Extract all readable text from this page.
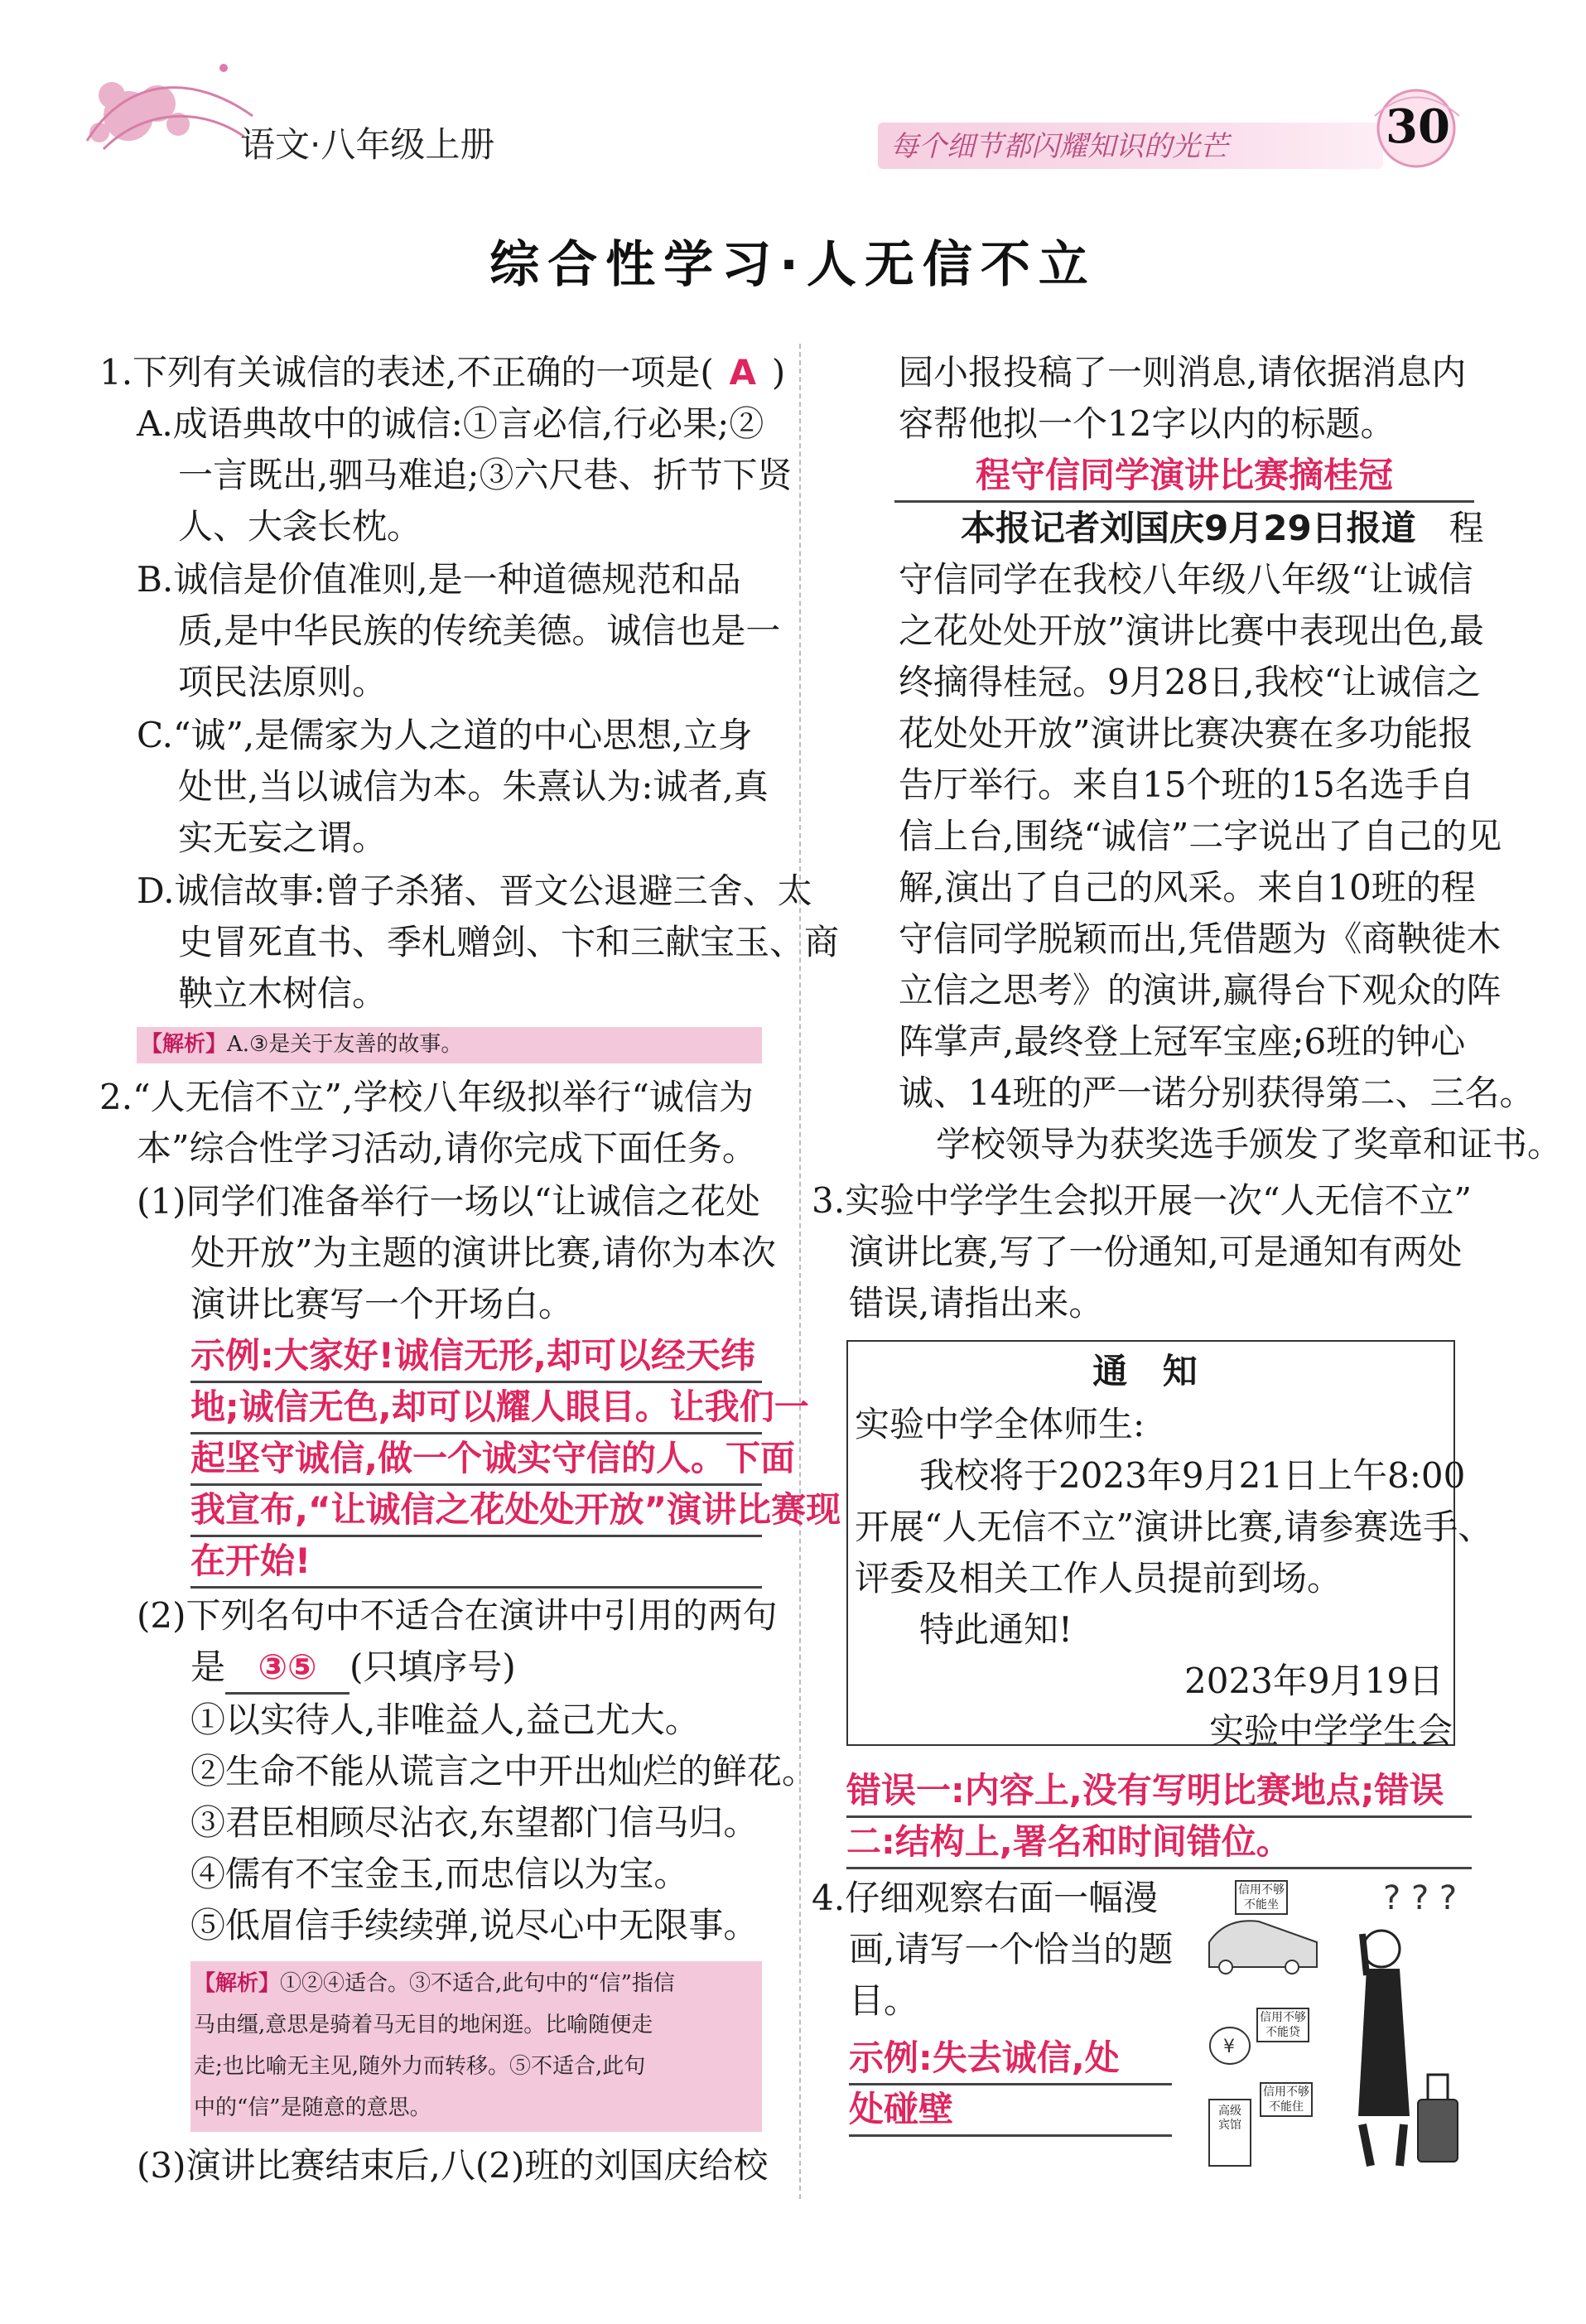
语文·八年级上册	每个细节都闪耀知识的光芒	30
综合性学习·人无信不立
1.下列有关诚信的表述,不正确的一项是( A )
A.成语典故中的诚信:①言必信,行必果;②
一言既出,驷马难追;③六尺巷、折节下贤
人、大衾长枕。
B.诚信是价值准则,是一种道德规范和品
质,是中华民族的传统美德。诚信也是一
项民法原则。
C.“诚”,是儒家为人之道的中心思想,立身
处世,当以诚信为本。朱熹认为:诚者,真
实无妄之谓。
D.诚信故事:曾子杀猪、晋文公退避三舍、太
史冒死直书、季札赠剑、卞和三献宝玉、商
鞅立木树信。
【解析】A.③是关于友善的故事。
2.“人无信不立”,学校八年级拟举行“诚信为
本”综合性学习活动,请你完成下面任务。
(1)同学们准备举行一场以“让诚信之花处
处开放”为主题的演讲比赛,请你为本次
演讲比赛写一个开场白。
示例:大家好!诚信无形,却可以经天纬
地;诚信无色,却可以耀人眼目。让我们一
起坚守诚信,做一个诚实守信的人。下面
我宣布,“让诚信之花处处开放”演讲比赛现
在开始!
(2)下列名句中不适合在演讲中引用的两句
是 ③⑤ (只填序号)
①以实待人,非唯益人,益己尤大。
②生命不能从谎言之中开出灿烂的鲜花。
③君臣相顾尽沾衣,东望都门信马归。
④儒有不宝金玉,而忠信以为宝。
⑤低眉信手续续弹,说尽心中无限事。
【解析】①②④适合。③不适合,此句中的“信”指信
马由缰,意思是骑着马无目的地闲逛。比喻随便走
走;也比喻无主见,随外力而转移。⑤不适合,此句
中的“信”是随意的意思。
(3)演讲比赛结束后,八(2)班的刘国庆给校
园小报投稿了一则消息,请依据消息内
容帮他拟一个12字以内的标题。
程守信同学演讲比赛摘桂冠
本报记者刘国庆9月29日报道 程
守信同学在我校八年级八年级“让诚信
之花处处开放”演讲比赛中表现出色,最
终摘得桂冠。9月28日,我校“让诚信之
花处处开放”演讲比赛决赛在多功能报
告厅举行。来自15个班的15名选手自
信上台,围绕“诚信”二字说出了自己的见
解,演出了自己的风采。来自10班的程
守信同学脱颖而出,凭借题为《商鞅徙木
立信之思考》的演讲,赢得台下观众的阵
阵掌声,最终登上冠军宝座;6班的钟心
诚、14班的严一诺分别获得第二、三名。
学校领导为获奖选手颁发了奖章和证书。
3.实验中学学生会拟开展一次“人无信不立”
演讲比赛,写了一份通知,可是通知有两处
错误,请指出来。
通 知
实验中学全体师生:
我校将于2023年9月21日上午8:00
开展“人无信不立”演讲比赛,请参赛选手、
评委及相关工作人员提前到场。
特此通知!
2023年9月19日
实验中学学生会
错误一:内容上,没有写明比赛地点;错误
二:结构上,署名和时间错位。
4.仔细观察右面一幅漫
画,请写一个恰当的题
目。
示例:失去诚信,处
处碰壁
¥
? ? ?
信用不够
不能坐
信用不够
不能贷
信用不够
不能住
高级宾馆
